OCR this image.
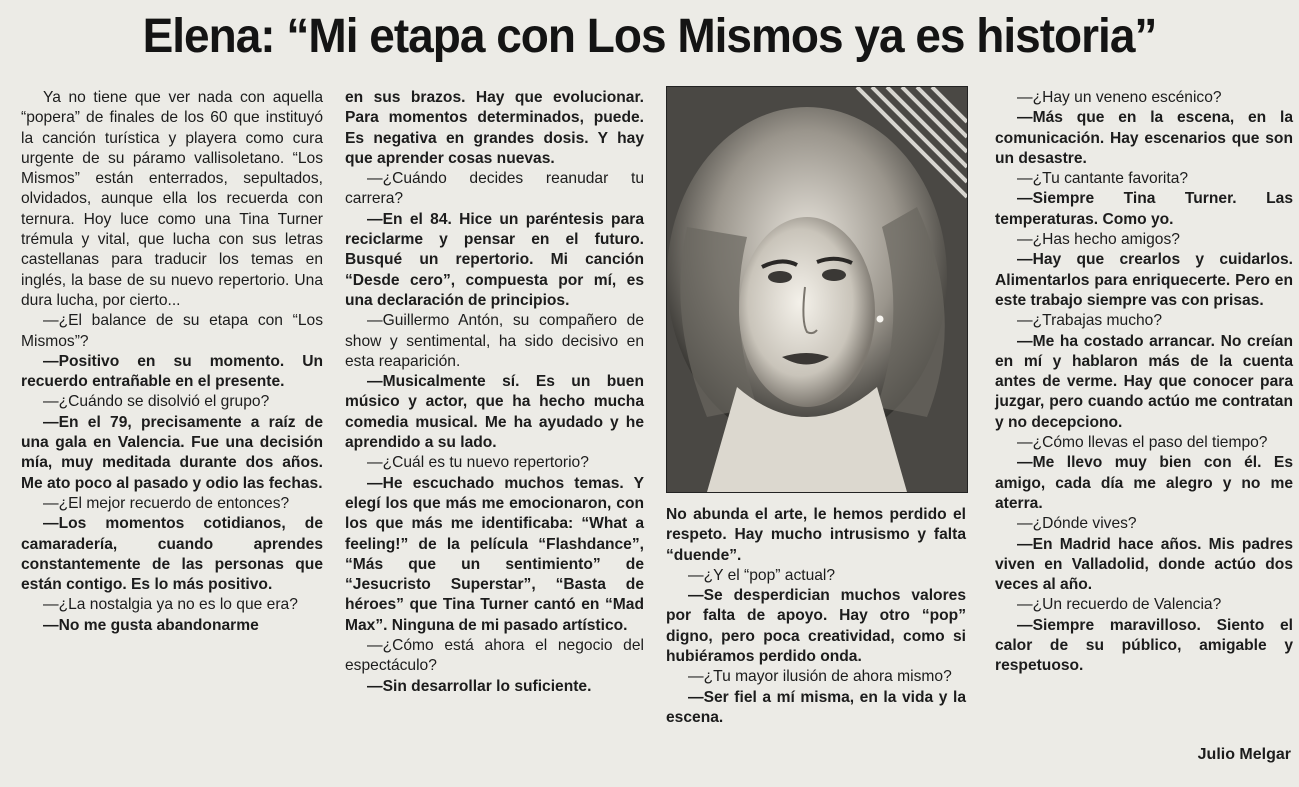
Elena: “Mi etapa con Los Mismos ya es historia”

Ya no tiene que ver nada con aquella “popera” de finales de los 60 que instituyó la canción turística y playera como cura urgente de su páramo vallisoletano. “Los Mismos” están enterrados, sepultados, olvidados, aunque ella los recuerda con ternura. Hoy luce como una Tina Turner trémula y vital, que lucha con sus letras castellanas para traducir los temas en inglés, la base de su nuevo repertorio. Una dura lucha, por cierto...

—¿El balance de su etapa con “Los Mismos”?

—Positivo en su momento. Un recuerdo entrañable en el presente.

—¿Cuándo se disolvió el grupo?

—En el 79, precisamente a raíz de una gala en Valencia. Fue una decisión mía, muy meditada durante dos años. Me ato poco al pasado y odio las fechas.

—¿El mejor recuerdo de entonces?

—Los momentos cotidianos, de camaradería, cuando aprendes constantemente de las personas que están contigo. Es lo más positivo.

—¿La nostalgia ya no es lo que era?

—No me gusta abandonarme

en sus brazos. Hay que evolucionar. Para momentos determinados, puede. Es negativa en grandes dosis. Y hay que aprender cosas nuevas.

—¿Cuándo decides reanudar tu carrera?

—En el 84. Hice un paréntesis para reciclarme y pensar en el futuro. Busqué un repertorio. Mi canción “Desde cero”, compuesta por mí, es una declaración de principios.

—Guillermo Antón, su compañero de show y sentimental, ha sido decisivo en esta reaparición.

—Musicalmente sí. Es un buen músico y actor, que ha hecho mucha comedia musical. Me ha ayudado y he aprendido a su lado.

—¿Cuál es tu nuevo repertorio?

—He escuchado muchos temas. Y elegí los que más me emocionaron, con los que más me identificaba: “What a feeling!” de la película “Flashdance”, “Más que un sentimiento” de “Jesucristo Superstar”, “Basta de héroes” que Tina Turner cantó en “Mad Max”. Ninguna de mi pasado artístico.

—¿Cómo está ahora el negocio del espectáculo?

—Sin desarrollar lo suficiente.

No abunda el arte, le hemos perdido el respeto. Hay mucho intrusismo y falta “duende”.

—¿Y el “pop” actual?

—Se desperdician muchos valores por falta de apoyo. Hay otro “pop” digno, pero poca creatividad, como si hubiéramos perdido onda.

—¿Tu mayor ilusión de ahora mismo?

—Ser fiel a mí misma, en la vida y la escena.

—¿Hay un veneno escénico?

—Más que en la escena, en la comunicación. Hay escenarios que son un desastre.

—¿Tu cantante favorita?

—Siempre Tina Turner. Las temperaturas. Como yo.

—¿Has hecho amigos?

—Hay que crearlos y cuidarlos. Alimentarlos para enriquecerte. Pero en este trabajo siempre vas con prisas.

—¿Trabajas mucho?

—Me ha costado arrancar. No creían en mí y hablaron más de la cuenta antes de verme. Hay que conocer para juzgar, pero cuando actúo me contratan y no decepciono.

—¿Cómo llevas el paso del tiempo?

—Me llevo muy bien con él. Es amigo, cada día me alegro y no me aterra.

—¿Dónde vives?

—En Madrid hace años. Mis padres viven en Valladolid, donde actúo dos veces al año.

—¿Un recuerdo de Valencia?

—Siempre maravilloso. Siento el calor de su público, amigable y respetuoso.

Julio Melgar
